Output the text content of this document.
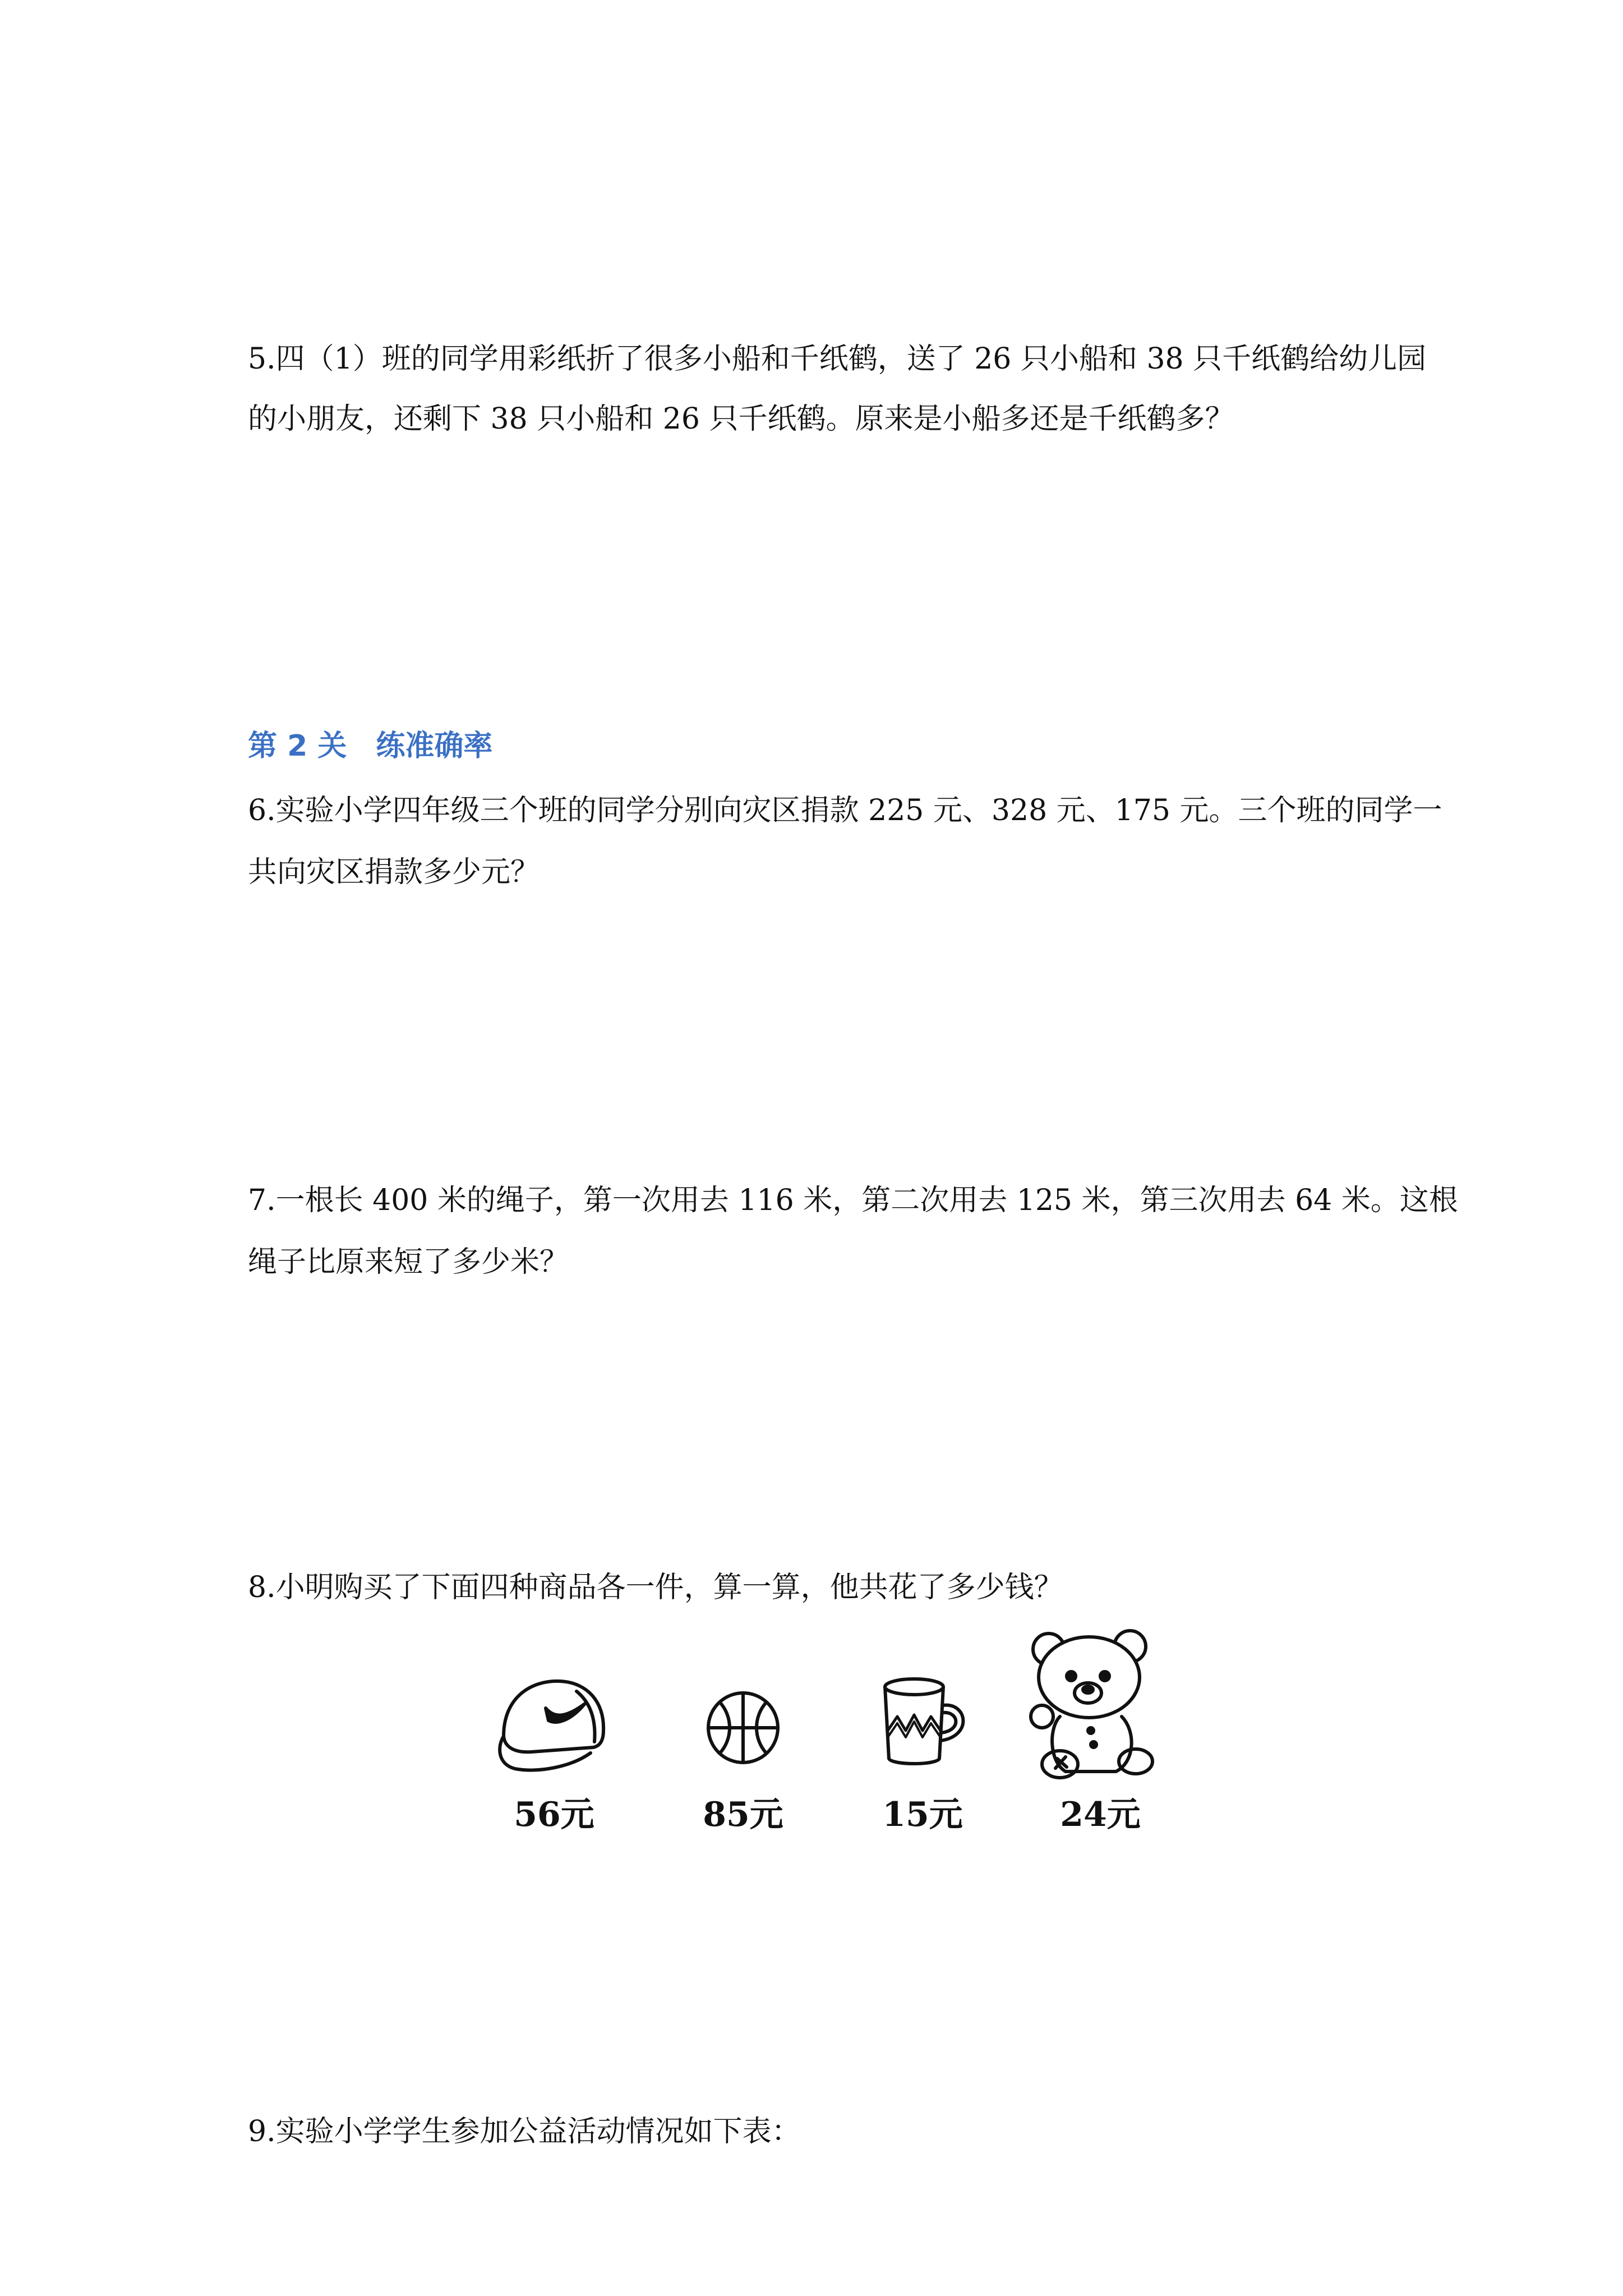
5.四（1）班的同学用彩纸折了很多小船和千纸鹤，送了 26 只小船和 38 只千纸鹤给幼儿园
的小朋友，还剩下 38 只小船和 26 只千纸鹤。原来是小船多还是千纸鹤多？
第 2 关　练准确率
6.实验小学四年级三个班的同学分别向灾区捐款 225 元、328 元、175 元。三个班的同学一
共向灾区捐款多少元？
7.一根长 400 米的绳子，第一次用去 116 米，第二次用去 125 米，第三次用去 64 米。这根
绳子比原来短了多少米？
8.小明购买了下面四种商品各一件，算一算，他共花了多少钱？
56元	85元	15元	24元
9.实验小学学生参加公益活动情况如下表：
